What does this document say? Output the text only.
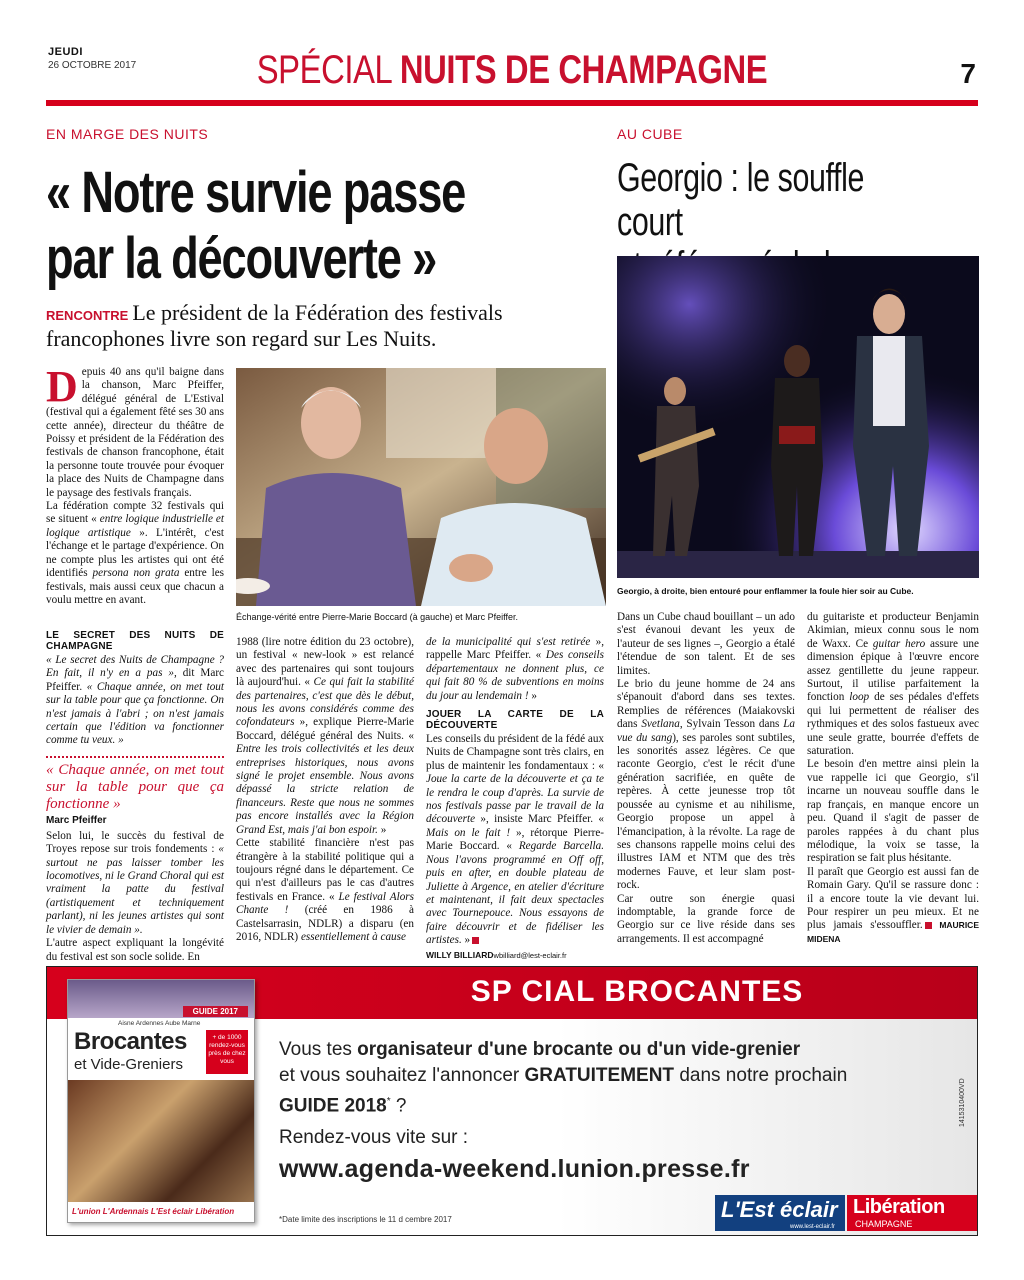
JEUDI
26 OCTOBRE 2017	SPÉCIAL NUITS DE CHAMPAGNE	7
EN MARGE DES NUITS
« Notre survie passe
par la découverte »
RENCONTRE Le président de la Fédération des festivals francophones livre son regard sur Les Nuits.
D epuis 40 ans qu'il baigne dans la chanson, Marc Pfeiffer, délégué général de L'Estival (festival qui a également fêté ses 30 ans cette année), directeur du théâtre de Poissy et président de la Fédération des festivals de chanson francophone, était la personne toute trouvée pour évoquer la place des Nuits de Champagne dans le paysage des festivals français.

La fédération compte 32 festivals qui se situent « entre logique industrielle et logique artistique ». L'intérêt, c'est l'échange et le partage d'expérience. On ne compte plus les artistes qui ont été identifiés persona non grata entre les festivals, mais aussi ceux que chacun a voulu mettre en avant.

LE SECRET DES NUITS DE CHAMPAGNE

« Le secret des Nuits de Champagne ? En fait, il n'y en a pas », dit Marc Pfeiffer. « Chaque année, on met tout sur la table pour que ça fonctionne. On n'est jamais à l'abri ; on n'est jamais certain que l'édition va fonctionner comme tu veux. »

« Chaque année, on met tout sur la table pour que ça fonctionne »
Marc Pfeiffer

Selon lui, le succès du festival de Troyes repose sur trois fondements : « surtout ne pas laisser tomber les locomotives, ni le Grand Choral qui est vraiment la patte du festival (artistiquement et techniquement parlant), ni les jeunes artistes qui sont le vivier de demain ».
L'autre aspect expliquant la longévité du festival est son socle solide. En

Échange-vérité entre Pierre-Marie Boccard (à gauche) et Marc Pfeiffer.

1988 (lire notre édition du 23 octobre), un festival « new-look » est relancé avec des partenaires qui sont toujours là aujourd'hui. « Ce qui fait la stabilité des partenaires, c'est que dès le début, nous les avons considérés comme des cofondateurs », explique Pierre-Marie Boccard, délégué général des Nuits. « Entre les trois collectivités et les deux entreprises historiques, nous avons signé le projet ensemble. Nous avons dépassé la stricte relation de financeurs. Reste que nous ne sommes pas encore installés avec la Région Grand Est, mais j'ai bon espoir. »

Cette stabilité financière n'est pas étrangère à la stabilité politique qui a toujours régné dans le département. Ce qui n'est d'ailleurs pas le cas d'autres festivals en France. « Le festival Alors Chante ! (créé en 1986 à Castelsarrasin, NDLR) a disparu (en 2016, NDLR) essentiellement à cause

de la municipalité qui s'est retirée », rappelle Marc Pfeiffer. « Des conseils départementaux ne donnent plus, ce qui fait 80 % de subventions en moins du jour au lendemain ! »

JOUER LA CARTE DE LA DÉCOUVERTE

Les conseils du président de la fédé aux Nuits de Champagne sont très clairs, en plus de maintenir les fondamentaux : « Joue la carte de la découverte et ça te le rendra le coup d'après. La survie de nos festivals passe par le travail de la découverte », insiste Marc Pfeiffer. « Mais on le fait ! », rétorque Pierre-Marie Boccard. « Regarde Barcella. Nous l'avons programmé en Off off, puis en after, en double plateau de Juliette à Argence, en atelier d'écriture et maintenant, il fait deux spectacles avec Tournepouce. Nous essayons de faire découvrir et de fidéliser les artistes. »

WILLY BILLIARDwbilliard@lest-eclair.fr
AU CUBE
Georgio : le souffle court
Georgio, à droite, bien entouré pour enflammer la foule hier soir au Cube.

Dans un Cube chaud bouillant – un ado s'est évanoui devant les yeux de l'auteur de ses lignes –, Georgio a étalé l'étendue de son talent. Et de ses limites.

Le brio du jeune homme de 24 ans s'épanouit d'abord dans ses textes. Remplies de références (Maiakovski dans Svetlana, Sylvain Tesson dans La vue du sang), ses paroles sont subtiles, les sonorités assez légères. Ce que raconte Georgio, c'est le récit d'une génération sacrifiée, en quête de repères. À cette jeunesse trop tôt poussée au cynisme et au nihilisme, Georgio propose un appel à l'émancipation, à la révolte. La rage de ses chansons rappelle moins celui des illustres IAM et NTM que des très modernes Fauve, et leur slam post-rock.

Car outre son énergie quasi indomptable, la grande force de Georgio sur ce live réside dans ses arrangements. Il est accompagné

du guitariste et producteur Benjamin Akimian, mieux connu sous le nom de Waxx. Ce guitar hero assure une dimension épique à l'œuvre encore assez gentillette du jeune rappeur. Surtout, il utilise parfaitement la fonction loop de ses pédales d'effets qui lui permettent de réaliser des rythmiques et des solos fastueux avec une seule gratte, bourrée d'effets de saturation.

Le besoin d'en mettre ainsi plein la vue rappelle ici que Georgio, s'il incarne un nouveau souffle dans le rap français, en manque encore un peu. Quand il s'agit de passer de paroles rappées à du chant plus mélodique, la voix se tasse, la respiration se fait plus hésitante.

Il paraît que Georgio est aussi fan de Romain Gary. Qu'il se rassure donc : il a encore toute la vie devant lui. Pour respirer un peu mieux. Et ne plus jamais s'essouffler. MAURICE MIDENA

SP CIAL BROCANTES
GUIDE 2017
Aisne Ardennes Aube Marne
Brocantes
et Vide-Greniers
+ de 1000 rendez-vous près de chez vous
L'union L'Ardennais L'Est éclair Libération
Vous tes organisateur d'une brocante ou d'un vide-grenier
et vous souhaitez l'annoncer GRATUITEMENT dans notre prochain
GUIDE 2018* ?
Rendez-vous vite sur :
www.agenda-weekend.lunion.presse.fr
*Date limite des inscriptions le 11 d cembre 2017
1415310400VD
L'Est éclair
www.lest-eclair.fr
Libération
CHAMPAGNE
